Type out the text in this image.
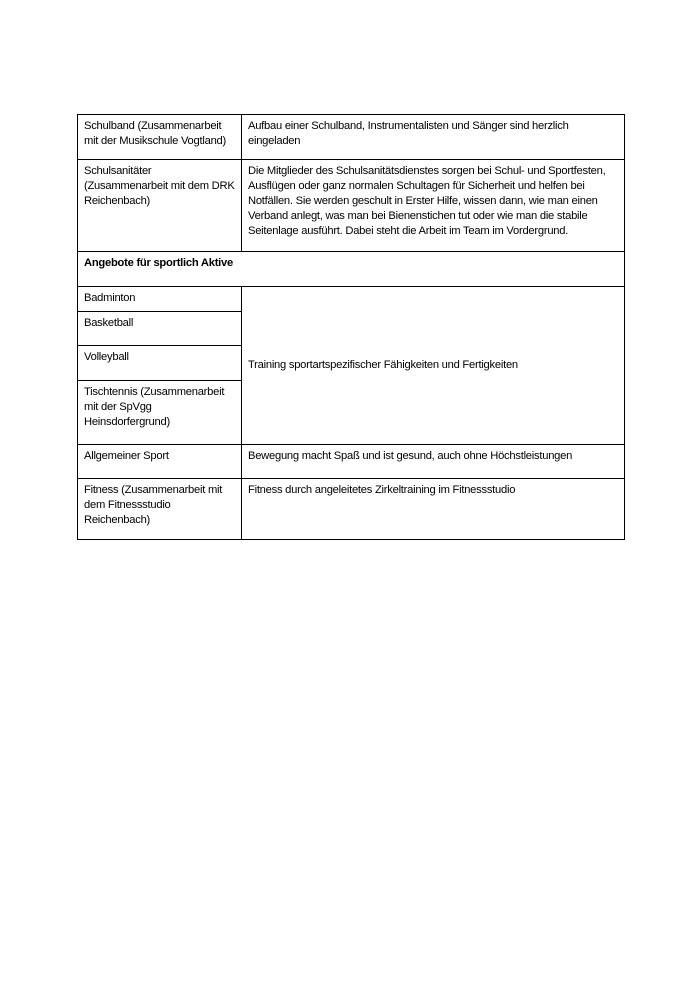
Schulband (Zusammenarbeit mit der Musikschule Vogtland)	Aufbau einer Schulband, Instrumentalisten und Sänger sind herzlich eingeladen
Schulsanitäter (Zusammenarbeit mit dem DRK Reichenbach)	Die Mitglieder des Schulsanitätsdienstes sorgen bei Schul- und Sportfesten, Ausflügen oder ganz normalen Schultagen für Sicherheit und helfen bei Notfällen. Sie werden geschult in Erster Hilfe, wissen dann, wie man einen Verband anlegt, was man bei Bienenstichen tut oder wie man die stabile Seitenlage ausführt. Dabei steht die Arbeit im Team im Vordergrund.
Angebote für sportlich Aktive	
Badminton	Training sportartspezifischer Fähigkeiten und Fertigkeiten
Basketball	
Volleyball	
Tischtennis (Zusammenarbeit mit der SpVgg Heinsdorfergrund)	
Allgemeiner Sport	Bewegung macht Spaß und ist gesund, auch ohne Höchstleistungen
Fitness (Zusammenarbeit mit dem Fitnessstudio Reichenbach)	Fitness durch angeleitetes Zirkeltraining im Fitnessstudio
